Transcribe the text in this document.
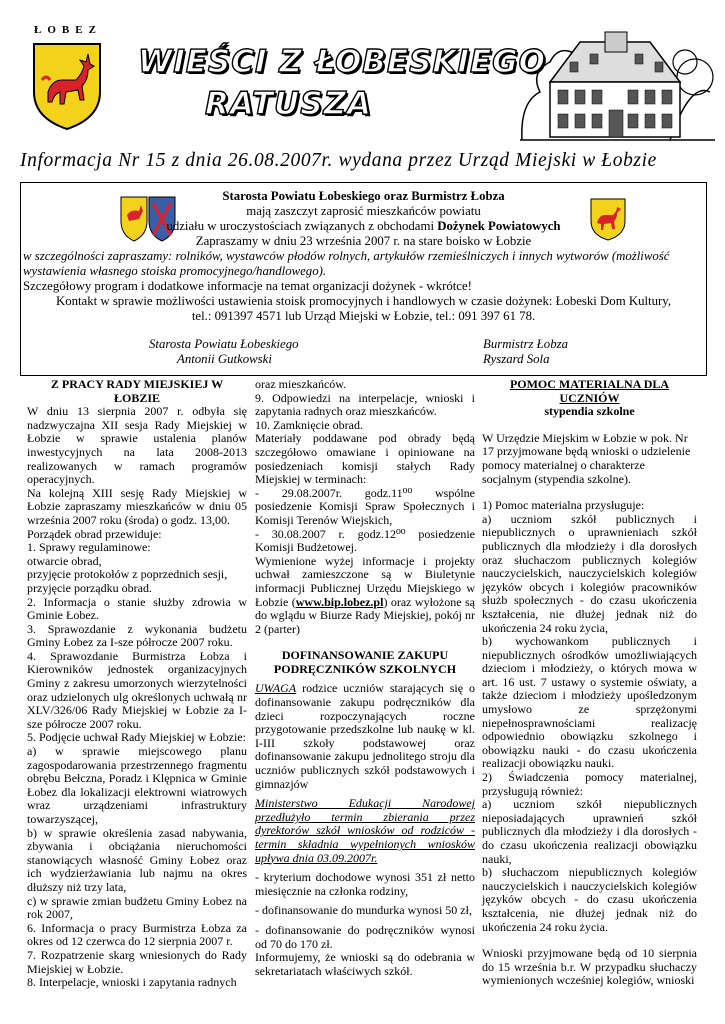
ŁOBEZ
WIEŚCI Z ŁOBESKIEGO
RATUSZA
Informacja Nr 15 z dnia 26.08.2007r. wydana przez Urząd Miejski w Łobzie
Starosta Powiatu Łobeskiego oraz Burmistrz Łobza
mają zaszczyt zaprosić mieszkańców powiatu
udziału w uroczystościach związanych z obchodami Dożynek Powiatowych
Zapraszamy w dniu 23 września 2007 r. na stare boisko w Łobzie
w szczególności zapraszamy: rolników, wystawców płodów rolnych, artykułów rzemieślniczych i innych wytworów (możliwość
wystawienia własnego stoiska promocyjnego/handlowego).
Szczegółowy program i dodatkowe informacje na temat organizacji dożynek - wkrótce!
Kontakt w sprawie możliwości ustawienia stoisk promocyjnych i handlowych w czasie dożynek: Łobeski Dom Kultury,
tel.: 091397 4571 lub Urząd Miejski w Łobzie, tel.: 091 397 61 78.
Starosta Powiatu Łobeskiego
Antonii Gutkowski
Burmistrz Łobza
Ryszard Sola
Z PRACY RADY MIEJSKIEJ W
ŁOBZIE

W dniu 13 sierpnia 2007 r. odbyła się nadzwyczajna XII sesja Rady Miejskiej w Łobzie w sprawie ustalenia planów inwestycyjnych na lata 2008-2013 realizowanych w ramach programów operacyjnych.

Na kolejną XIII sesję Rady Miejskiej w Łobzie zapraszamy mieszkańców w dniu 05 września 2007 roku (środa) o godz. 13,00.

Porządek obrad przewiduje:

1. Sprawy regulaminowe:

otwarcie obrad,

przyjęcie protokołów z poprzednich sesji,

przyjęcie porządku obrad.

2. Informacja o stanie służby zdrowia w Gminie Łobez.

3. Sprawozdanie z wykonania budżetu Gminy Łobez za I-sze półrocze 2007 roku.

4. Sprawozdanie Burmistrza Łobza i Kierowników jednostek organizacyjnych Gminy z zakresu umorzonych wierzytelności oraz udzielonych ulg określonych uchwałą nr XLV/326/06 Rady Miejskiej w Łobzie za I-sze półrocze 2007 roku.

5. Podjęcie uchwał Rady Miejskiej w Łobzie:

a) w sprawie miejscowego planu zagospodarowania przestrzennego fragmentu obrębu Bełczna, Poradz i Klępnica w Gminie Łobez dla lokalizacji elektrowni wiatrowych wraz urządzeniami infrastruktury towarzyszącej,

b) w sprawie określenia zasad nabywania, zbywania i obciążania nieruchomości stanowiących własność Gminy Łobez oraz ich wydzierżawiania lub najmu na okres dłuższy niż trzy lata,

c) w sprawie zmian budżetu Gminy Łobez na rok 2007,

6. Informacja o pracy Burmistrza Łobza za okres od 12 czerwca do 12 sierpnia 2007 r.

7. Rozpatrzenie skarg wniesionych do Rady Miejskiej w Łobzie.

8. Interpelacje, wnioski i zapytania radnych

oraz mieszkańców.

9. Odpowiedzi na interpelacje, wnioski i zapytania radnych oraz mieszkańców.

10. Zamknięcie obrad.

Materiały poddawane pod obrady będą szczegółowo omawiane i opiniowane na posiedzeniach komisji stałych Rady Miejskiej w terminach:

- 29.08.2007r. godz.11⁰⁰ wspólne posiedzenie Komisji Spraw Społecznych i Komisji Terenów Wiejskich,

- 30.08.2007 r. godz.12⁰⁰ posiedzenie Komisji Budżetowej.

Wymienione wyżej informacje i projekty uchwał zamieszczone są w Biuletynie informacji Publicznej Urzędu Miejskiego w Łobzie (www.bip.lobez.pl) oraz wyłożone są do wglądu w Biurze Rady Miejskiej, pokój nr 2 (parter)

DOFINANSOWANIE ZAKUPU
PODRĘCZNIKÓW SZKOLNYCH

UWAGA rodzice uczniów starających się o dofinansowanie zakupu podręczników dla dzieci rozpoczynających roczne przygotowanie przedszkolne lub naukę w kl. I-III szkoły podstawowej oraz dofinansowanie zakupu jednolitego stroju dla uczniów publicznych szkół podstawowych i gimnazjów

Ministerstwo Edukacji Narodowej przedłużyło termin zbierania przez dyrektorów szkół wniosków od rodziców - termin składnia wypełnionych wniosków upływa dnia 03.09.2007r.

- kryterium dochodowe wynosi 351 zł netto miesięcznie na członka rodziny,

- dofinansowanie do mundurka wynosi 50 zł,

- dofinansowanie do podręczników wynosi od 70 do 170 zł.

Informujemy, że wnioski są do odebrania w sekretariatach właściwych szkół.

POMOC MATERIALNA DLA
UCZNIÓW
stypendia szkolne

W Urzędzie Miejskim w Łobzie w pok. Nr 17 przyjmowane będą wnioski o udzielenie pomocy materialnej o charakterze socjalnym (stypendia szkolne).

1) Pomoc materialna przysługuje:

a) uczniom szkół publicznych i niepublicznych o uprawnieniach szkół publicznych dla młodzieży i dla dorosłych oraz słuchaczom publicznych kolegiów nauczycielskich, nauczycielskich kolegiów języków obcych i kolegiów pracowników służb społecznych - do czasu ukończenia kształcenia, nie dłużej jednak niż do ukończenia 24 roku życia,

b) wychowankom publicznych i niepublicznych ośrodków umożliwiających dzieciom i młodzieży, o których mowa w art. 16 ust. 7 ustawy o systemie oświaty, a także dzieciom i młodzieży upośledzonym umysłowo ze sprzężonymi niepełnosprawnościami realizację odpowiednio obowiązku szkolnego i obowiązku nauki - do czasu ukończenia realizacji obowiązku nauki.

2) Świadczenia pomocy materialnej, przysługują również:

a) uczniom szkół niepublicznych nieposiadających uprawnień szkół publicznych dla młodzieży i dla dorosłych - do czasu ukończenia realizacji obowiązku nauki,

b) słuchaczom niepublicznych kolegiów nauczycielskich i nauczycielskich kolegiów języków obcych - do czasu ukończenia kształcenia, nie dłużej jednak niż do ukończenia 24 roku życia.

Wnioski przyjmowane będą od 10 sierpnia do 15 września b.r. W przypadku słuchaczy wymienionych wcześniej kolegiów, wnioski
